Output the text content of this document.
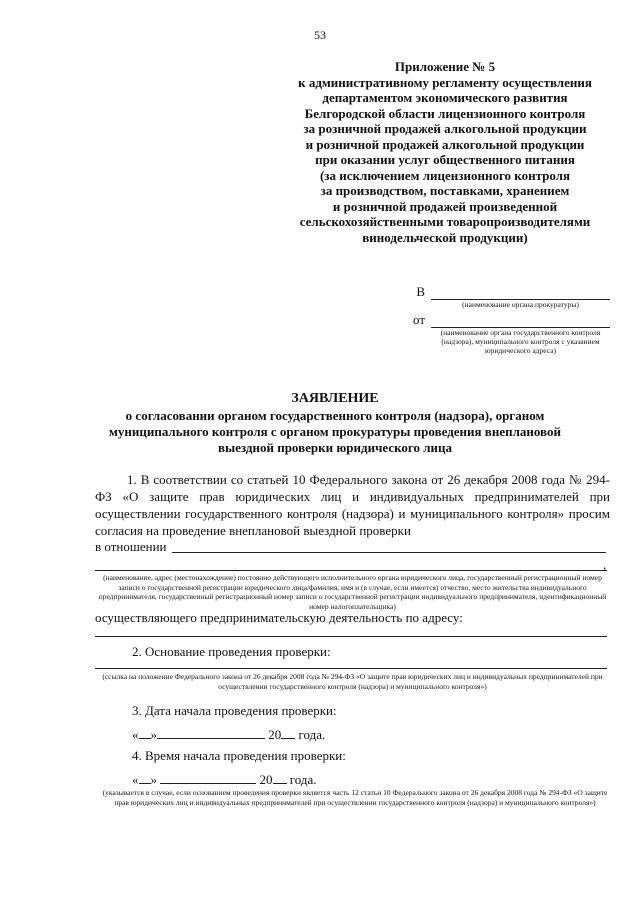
53
Приложение № 5
к административному регламенту осуществления
департаментом экономического развития
Белгородской области лицензионного контроля
за розничной продажей алкогольной продукции
и розничной продажей алкогольной продукции
при оказании услуг общественного питания
(за исключением лицензионного контроля
за производством, поставками, хранением
и розничной продажей произведенной
сельскохозяйственными товаропроизводителями
винодельческой продукции)
В
(наименование органа прокуратуры)
от
(наименование органа государственного контроля (надзора), муниципального контроля с указанием юридического адреса)
ЗАЯВЛЕНИЕ
о согласовании органом государственного контроля (надзора), органом
муниципального контроля с органом прокуратуры проведения внеплановой
выездной проверки юридического лица
1. В соответствии со статьей 10 Федерального закона от 26 декабря 2008 года № 294-ФЗ «О защите прав юридических лиц и индивидуальных предпринимателей при осуществлении государственного контроля (надзора) и муниципального контроля» просим согласия на проведение внеплановой выездной проверки
в отношении
,
(наименование, адрес (местонахождение) постоянно действующего исполнительного органа юридического лица, государственный регистрационный номер записи о государственной регистрации юридического лица/фамилия, имя и (в случае, если имеется) отчество, место жительства индивидуального предпринимателя, государственный регистрационный номер записи о государственной регистрации индивидуального предпринимателя, идентификационный номер налогоплательщика)
осуществляющего предпринимательскую деятельность по адресу:
2. Основание проведения проверки:
(ссылка на положение Федерального закона от 26 декабря 2008 года № 294-ФЗ «О защите прав юридических лиц и индивидуальных предпринимателей при осуществлении государственного контроля (надзора) и муниципального контроля»)
3. Дата начала проведения проверки:
« »	20 года.
4. Время начала проведения проверки:
« »	20 года.
(указывается в случае, если основанием проведения проверки является часть 12 статьи 10 Федерального закона от 26 декабря 2008 года № 294-ФЗ «О защите прав юридических лиц и индивидуальных предпринимателей при осуществлении государственного контроля (надзора) и муниципального контроля»)
